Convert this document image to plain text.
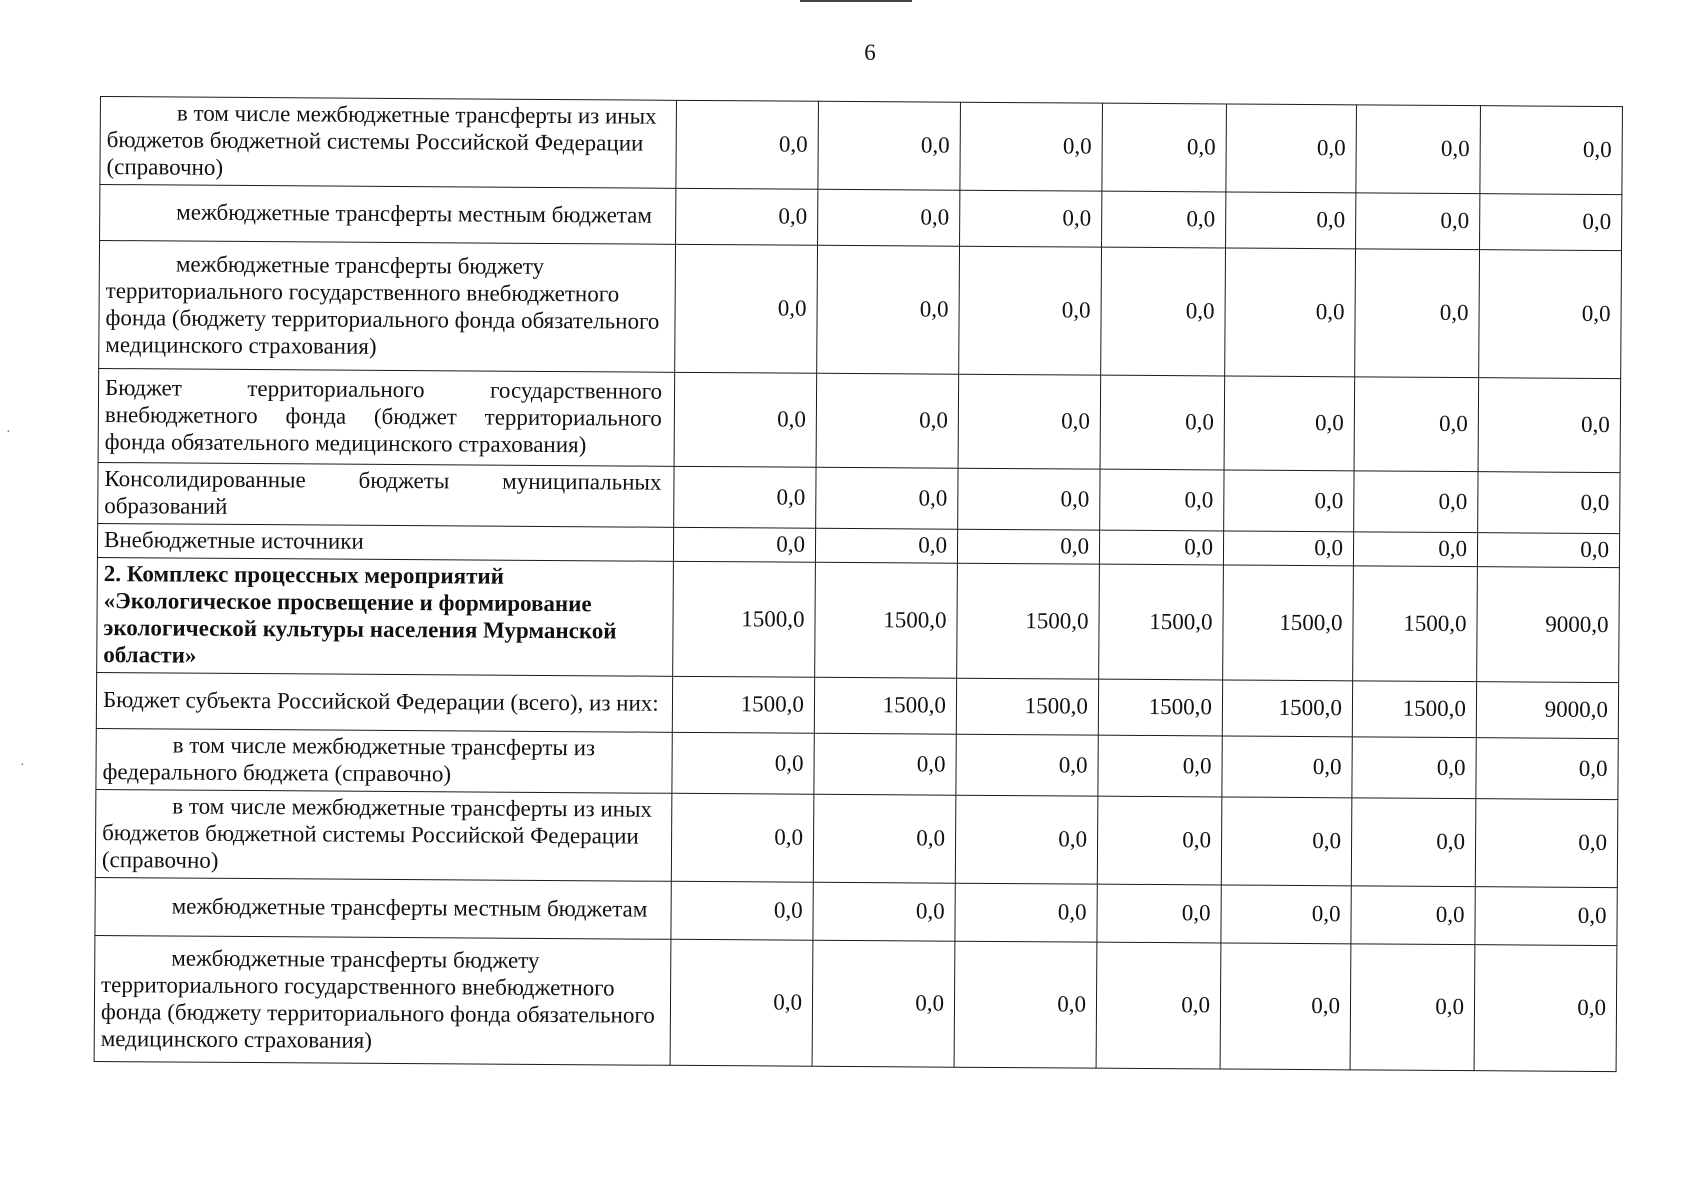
6
·
·
в том числе межбюджетные трансферты из иных бюджетов бюджетной системы Российской Федерации (справочно)	0,0	0,0	0,0	0,0	0,0	0,0	0,0
межбюджетные трансферты местным бюджетам	0,0	0,0	0,0	0,0	0,0	0,0	0,0
межбюджетные трансферты бюджету территориального государственного внебюджетного фонда (бюджету территориального фонда обязательного медицинского страхования)	0,0	0,0	0,0	0,0	0,0	0,0	0,0
Бюджет территориального государственного внебюджетного фонда (бюджет территориального фонда обязательного медицинского страхования)	0,0	0,0	0,0	0,0	0,0	0,0	0,0
Консолидированные бюджеты муниципальных образований	0,0	0,0	0,0	0,0	0,0	0,0	0,0
Внебюджетные источники	0,0	0,0	0,0	0,0	0,0	0,0	0,0
2. Комплекс процессных мероприятий «Экологическое просвещение и формирование экологической культуры населения Мурманской области»	1500,0	1500,0	1500,0	1500,0	1500,0	1500,0	9000,0
Бюджет субъекта Российской Федерации (всего), из них:	1500,0	1500,0	1500,0	1500,0	1500,0	1500,0	9000,0
в том числе межбюджетные трансферты из федерального бюджета (справочно)	0,0	0,0	0,0	0,0	0,0	0,0	0,0
в том числе межбюджетные трансферты из иных бюджетов бюджетной системы Российской Федерации (справочно)	0,0	0,0	0,0	0,0	0,0	0,0	0,0
межбюджетные трансферты местным бюджетам	0,0	0,0	0,0	0,0	0,0	0,0	0,0
межбюджетные трансферты бюджету территориального государственного внебюджетного фонда (бюджету территориального фонда обязательного медицинского страхования)	0,0	0,0	0,0	0,0	0,0	0,0	0,0
